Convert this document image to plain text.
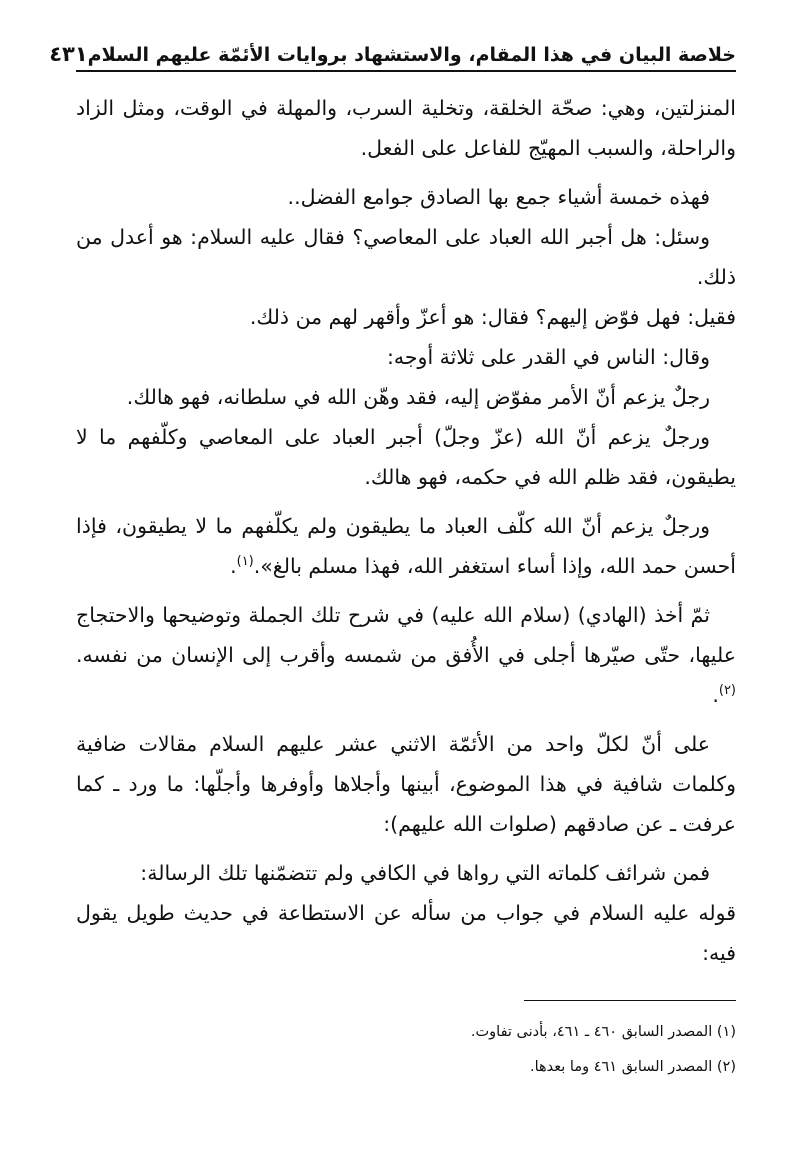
خلاصة البيان في هذا المقام، والاستشهاد بروايات الأئمّة عليهم السلام
٤٣١

المنزلتين، وهي: صحّة الخلقة، وتخلية السرب، والمهلة في الوقت، ومثل الزاد والراحلة، والسبب المهيّج للفاعل على الفعل.

فهذه خمسة أشياء جمع بها الصادق جوامع الفضل..

وسئل: هل أجبر الله العباد على المعاصي؟ فقال عليه السلام: هو أعدل من ذلك.

فقيل: فهل فوّض إليهم؟ فقال: هو أعزّ وأقهر لهم من ذلك.

وقال: الناس في القدر على ثلاثة أوجه:

رجلٌ يزعم أنّ الأمر مفوّض إليه، فقد وهّن الله في سلطانه، فهو هالك.

ورجلٌ يزعم أنّ الله (عزّ وجلّ) أجبر العباد على المعاصي وكلّفهم ما لا يطيقون، فقد ظلم الله في حكمه، فهو هالك.

ورجلٌ يزعم أنّ الله كلّف العباد ما يطيقون ولم يكلّفهم ما لا يطيقون، فإذا أحسن حمد الله، وإذا أساء استغفر الله، فهذا مسلم بالغ».$^{(١)}$.

ثمّ أخذ (الهادي) (سلام الله عليه) في شرح تلك الجملة وتوضيحها والاحتجاج عليها، حتّى صيّرها أجلى في الأُفق من شمسه وأقرب إلى الإنسان من نفسه.$^{(٢)}$.

على أنّ لكلّ واحد من الأئمّة الاثني عشر عليهم السلام مقالات ضافية وكلمات شافية في هذا الموضوع، أبينها وأجلاها وأوفرها وأجلّها: ما ورد ـ كما عرفت ـ عن صادقهم (صلوات الله عليهم):

فمن شرائف كلماته التي رواها في الكافي ولم تتضمّنها تلك الرسالة:

قوله عليه السلام في جواب من سأله عن الاستطاعة في حديث طويل يقول فيه:

(١) المصدر السابق ٤٦٠ ـ ٤٦١، بأدنى تفاوت.

(٢) المصدر السابق ٤٦١ وما بعدها.
